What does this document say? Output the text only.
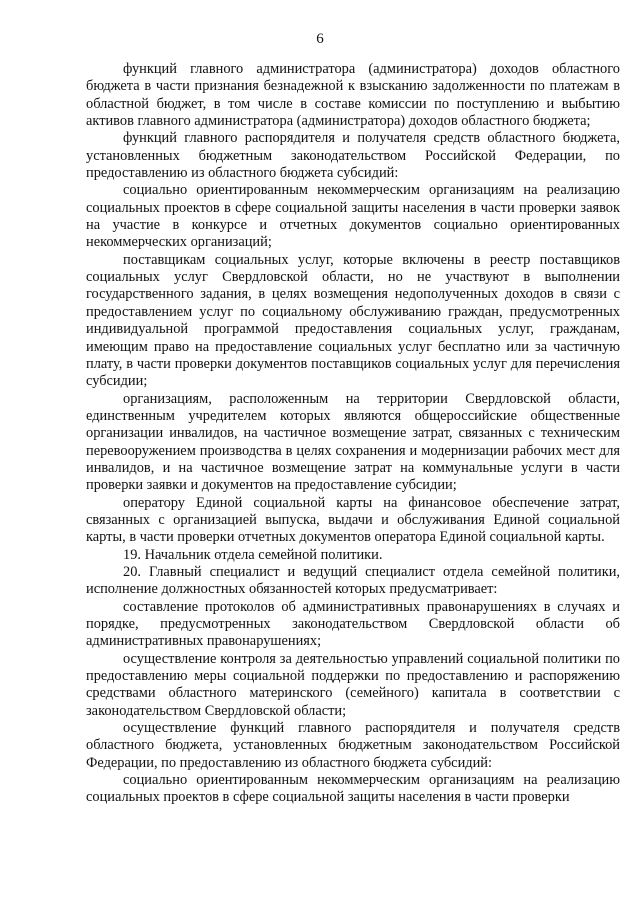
6

функций главного администратора (администратора) доходов областного бюджета в части признания безнадежной к взысканию задолженности по платежам в областной бюджет, в том числе в составе комиссии по поступлению и выбытию активов главного администратора (администратора) доходов областного бюджета;

функций главного распорядителя и получателя средств областного бюджета, установленных бюджетным законодательством Российской Федерации, по предоставлению из областного бюджета субсидий:

социально ориентированным некоммерческим организациям на реализацию социальных проектов в сфере социальной защиты населения в части проверки заявок на участие в конкурсе и отчетных документов социально ориентированных некоммерческих организаций;

поставщикам социальных услуг, которые включены в реестр поставщиков социальных услуг Свердловской области, но не участвуют в выполнении государственного задания, в целях возмещения недополученных доходов в связи с предоставлением услуг по социальному обслуживанию граждан, предусмотренных индивидуальной программой предоставления социальных услуг, гражданам, имеющим право на предоставление социальных услуг бесплатно или за частичную плату, в части проверки документов поставщиков социальных услуг для перечисления субсидии;

организациям, расположенным на территории Свердловской области, единственным учредителем которых являются общероссийские общественные организации инвалидов, на частичное возмещение затрат, связанных с техническим перевооружением производства в целях сохранения и модернизации рабочих мест для инвалидов, и на частичное возмещение затрат на коммунальные услуги в части проверки заявки и документов на предоставление субсидии;

оператору Единой социальной карты на финансовое обеспечение затрат, связанных с организацией выпуска, выдачи и обслуживания Единой социальной карты, в части проверки отчетных документов оператора Единой социальной карты.

19. Начальник отдела семейной политики.

20. Главный специалист и ведущий специалист отдела семейной политики, исполнение должностных обязанностей которых предусматривает:

составление протоколов об административных правонарушениях в случаях и порядке, предусмотренных законодательством Свердловской области об административных правонарушениях;

осуществление контроля за деятельностью управлений социальной политики по предоставлению меры социальной поддержки по предоставлению и распоряжению средствами областного материнского (семейного) капитала в соответствии с законодательством Свердловской области;

осуществление функций главного распорядителя и получателя средств областного бюджета, установленных бюджетным законодательством Российской Федерации, по предоставлению из областного бюджета субсидий:

социально ориентированным некоммерческим организациям на реализацию социальных проектов в сфере социальной защиты населения в части проверки
